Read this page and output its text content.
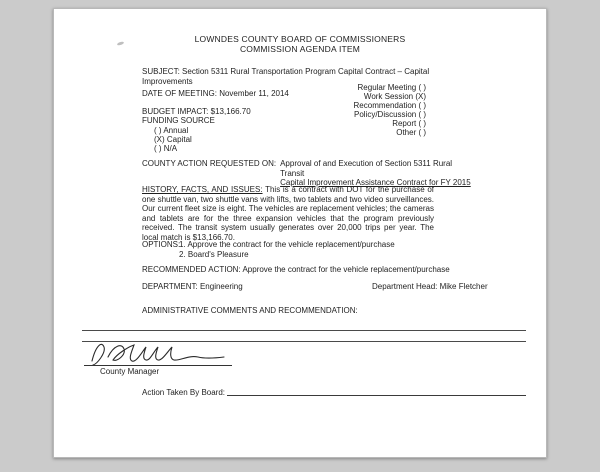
LOWNDES COUNTY BOARD OF COMMISSIONERS
COMMISSION AGENDA ITEM
SUBJECT: Section 5311 Rural Transportation Program Capital Contract – Capital Improvements
Regular Meeting ( )
Work Session (X)
Recommendation ( )
Policy/Discussion ( )
Report ( )
Other ( )
DATE OF MEETING: November 11, 2014
BUDGET IMPACT: $13,166.70
FUNDING SOURCE
( ) Annual
(X) Capital
( ) N/A
COUNTY ACTION REQUESTED ON: Approval of and Execution of Section 5311 Rural Transit
Capital Improvement Assistance Contract for FY 2015
HISTORY, FACTS, AND ISSUES: This is a contract with DOT for the purchase of one shuttle van, two shuttle vans with lifts, two tablets and two video surveillances. Our current fleet size is eight. The vehicles are replacement vehicles; the cameras and tablets are for the three expansion vehicles that the program previously received. The transit system usually generates over 20,000 trips per year. The local match is $13,166.70.
OPTIONS:
1. Approve the contract for the vehicle replacement/purchase
2. Board's Pleasure
RECOMMENDED ACTION: Approve the contract for the vehicle replacement/purchase
DEPARTMENT: Engineering	Department Head: Mike Fletcher
ADMINISTRATIVE COMMENTS AND RECOMMENDATION:
County Manager
Action Taken By Board:
